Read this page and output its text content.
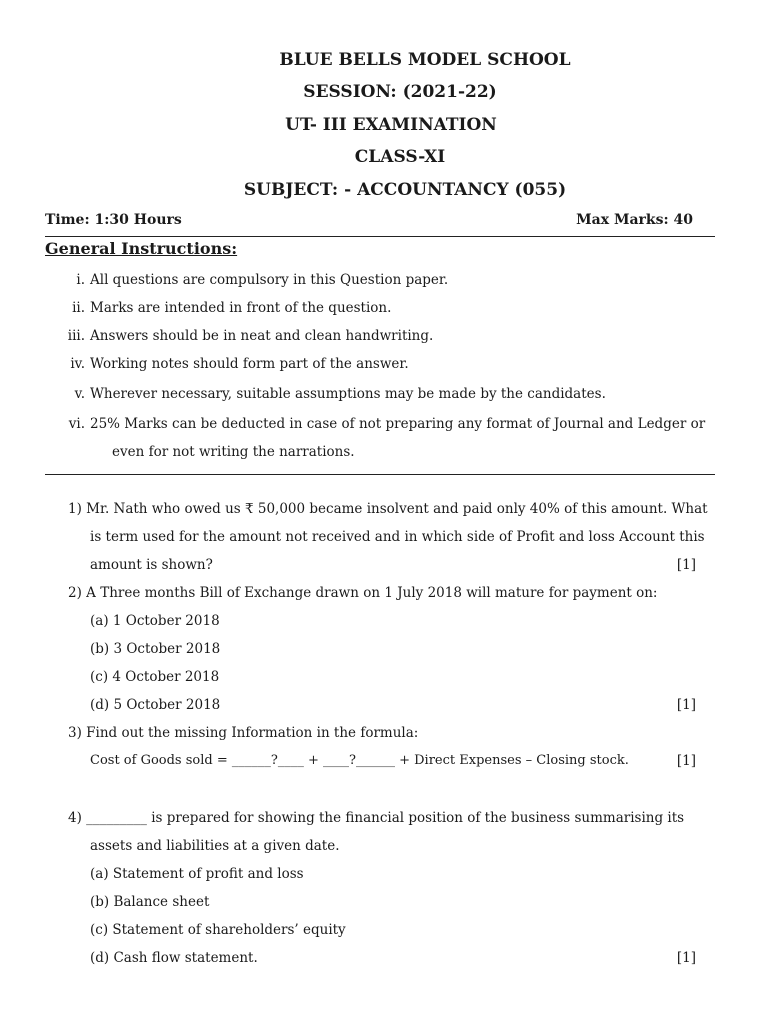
BLUE BELLS MODEL SCHOOL
SESSION: (2021-22)
UT- III EXAMINATION
CLASS-XI
SUBJECT: - ACCOUNTANCY (055)
Time: 1:30 Hours	Max Marks: 40
General Instructions:
i. All questions are compulsory in this Question paper.
ii. Marks are intended in front of the question.
iii. Answers should be in neat and clean handwriting.
iv. Working notes should form part of the answer.
v. Wherever necessary, suitable assumptions may be made by the candidates.
vi. 25% Marks can be deducted in case of not preparing any format of Journal and Ledger or
even for not writing the narrations.
1) Mr. Nath who owed us ₹ 50,000 became insolvent and paid only 40% of this amount. What
is term used for the amount not received and in which side of Profit and loss Account this
amount is shown?	[1]
2) A Three months Bill of Exchange drawn on 1 July 2018 will mature for payment on:
(a) 1 October 2018
(b) 3 October 2018
(c) 4 October 2018
(d) 5 October 2018	[1]
3) Find out the missing Information in the formula:
Cost of Goods sold = ______?____ + ____?______ + Direct Expenses – Closing stock.	[1]
4) _________ is prepared for showing the financial position of the business summarising its
assets and liabilities at a given date.
(a) Statement of profit and loss
(b) Balance sheet
(c) Statement of shareholders’ equity
(d) Cash flow statement.	[1]
